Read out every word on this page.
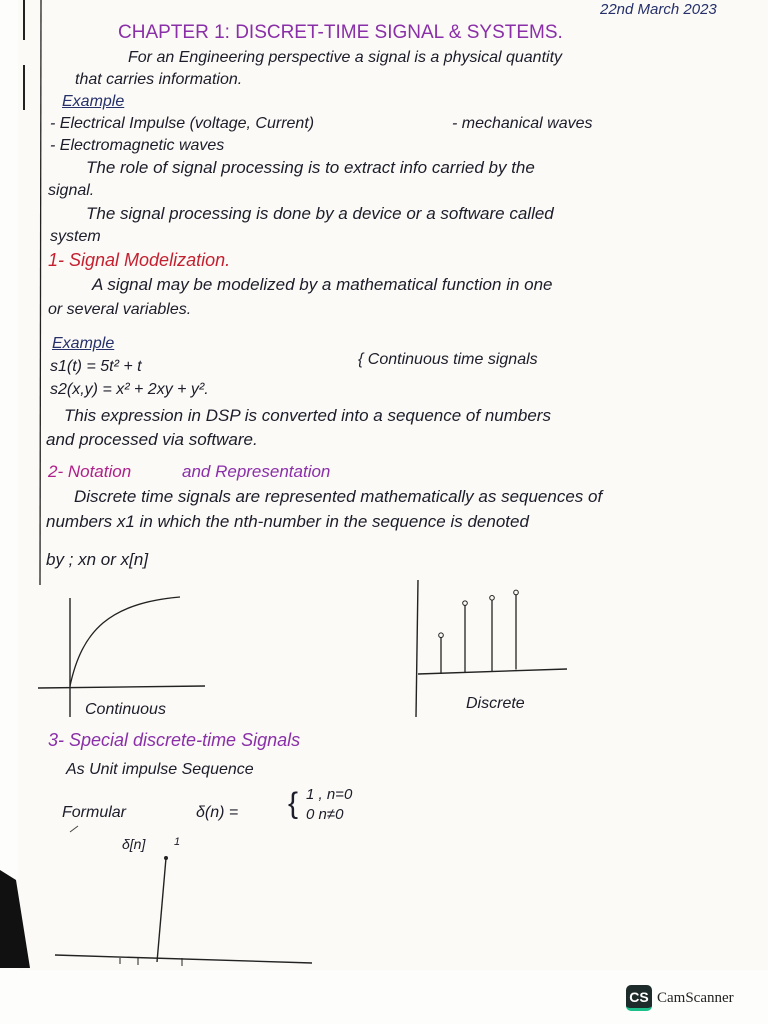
22nd March 2023
CHAPTER 1: DISCRET-TIME SIGNAL & SYSTEMS.
For an Engineering perspective a signal is a physical quantity
that carries information.
Example
- Electrical Impulse (voltage, Current)	- mechanical waves
- Electromagnetic waves
The role of signal processing is to extract info carried by the
signal.
The signal processing is done by a device or a software called
system
1- Signal Modelization.
A signal may be modelized by a mathematical function in one
or several variables.
Example
s1(t) = 5t² + t
s2(x,y) = x² + 2xy + y².
{ Continuous time signals
This expression in DSP is converted into a sequence of numbers
and processed via software.
2- Notation	and Representation
Discrete time signals are represented mathematically as sequences of
numbers x1 in which the nth-number in the sequence is denoted
by ; xn or x[n]
Continuous	Discrete
3- Special discrete-time Signals
As Unit impulse Sequence
Formular	δ(n) = { 1 , n=0
0 n≠0
δ[n]	1
CS CamScanner
